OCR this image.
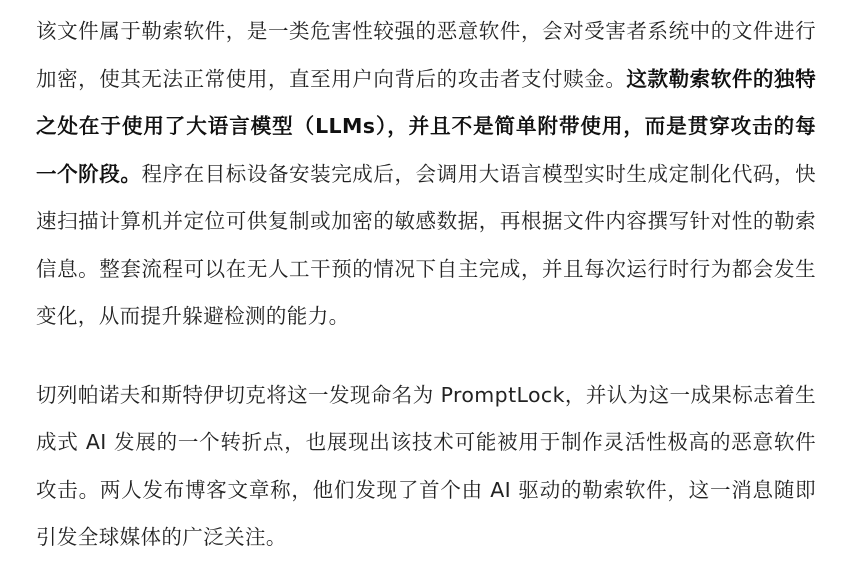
该文件属于勒索软件，是一类危害性较强的恶意软件，会对受害者系统中的文件进行加密，使其无法正常使用，直至用户向背后的攻击者支付赎金。这款勒索软件的独特之处在于使用了大语言模型（LLMs），并且不是简单附带使用，而是贯穿攻击的每一个阶段。程序在目标设备安装完成后，会调用大语言模型实时生成定制化代码，快速扫描计算机并定位可供复制或加密的敏感数据，再根据文件内容撰写针对性的勒索信息。整套流程可以在无人工干预的情况下自主完成，并且每次运行时行为都会发生变化，从而提升躲避检测的能力。

切列帕诺夫和斯特伊切克将这一发现命名为 PromptLock，并认为这一成果标志着生成式 AI 发展的一个转折点，也展现出该技术可能被用于制作灵活性极高的恶意软件攻击。两人发布博客文章称，他们发现了首个由 AI 驱动的勒索软件，这一消息随即引发全球媒体的广泛关注。
